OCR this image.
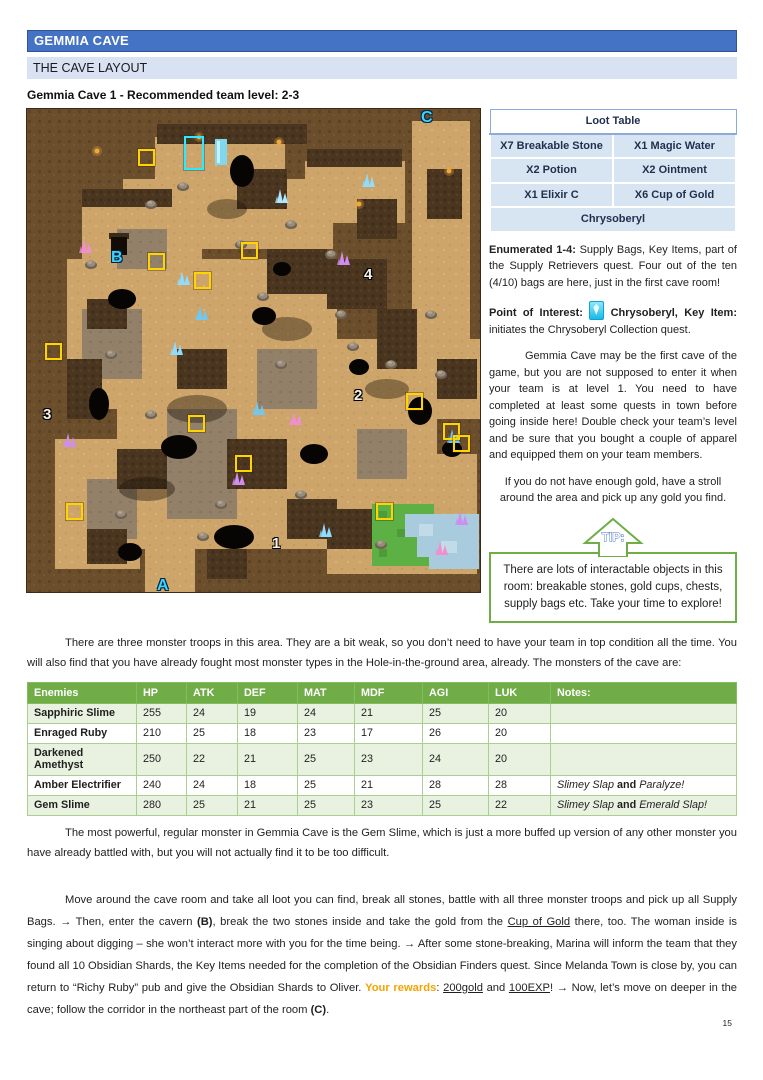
GEMMIA CAVE
THE CAVE LAYOUT
Gemmia Cave 1 - Recommended team level: 2-3
C
B
A
1
2
3
4
Loot Table	
X7 Breakable Stone	X1 Magic Water
X2 Potion	X2 Ointment
X1 Elixir C	X6 Cup of Gold
Chrysoberyl	

Enumerated 1-4: Supply Bags, Key Items, part of the Supply Retrievers quest. Four out of the ten (4/10) bags are here, just in the first cave room!

Point of Interest:  Chrysoberyl, Key Item: initiates the Chrysoberyl Collection quest.

Gemmia Cave may be the first cave of the game, but you are not supposed to enter it when your team is at level 1. You need to have completed at least some quests in town before going inside here! Double check your team’s level and be sure that you bought a couple of apparel and equipped them on your team members.

If you do not have enough gold, have a stroll around the area and pick up any gold you find.

TIP:
There are lots of interactable objects in this room: breakable stones, gold cups, chests, supply bags etc. Take your time to explore!

There are three monster troops in this area. They are a bit weak, so you don’t need to have your team in top condition all the time. You will also find that you have already fought most monster types in the Hole-in-the-ground area, already. The monsters of the cave are:

Enemies	HP	ATK	DEF	MAT	MDF	AGI	LUK	Notes:
Sapphiric Slime	255	24	19	24	21	25	20	
Enraged Ruby	210	25	18	23	17	26	20	
Darkened Amethyst	250	22	21	25	23	24	20	
Amber Electrifier	240	24	18	25	21	28	28	Slimey Slap and Paralyze!
Gem Slime	280	25	21	25	23	25	22	Slimey Slap and Emerald Slap!

The most powerful, regular monster in Gemmia Cave is the Gem Slime, which is just a more buffed up version of any other monster you have already battled with, but you will not actually find it to be too difficult.

Move around the cave room and take all loot you can find, break all stones, battle with all three monster troops and pick up all Supply Bags. → Then, enter the cavern (B), break the two stones inside and take the gold from the Cup of Gold there, too. The woman inside is singing about digging – she won’t interact more with you for the time being. → After some stone-breaking, Marina will inform the team that they found all 10 Obsidian Shards, the Key Items needed for the completion of the Obsidian Finders quest. Since Melanda Town is close by, you can return to “Richy Ruby” pub and give the Obsidian Shards to Oliver. Your rewards: 200gold and 100EXP! → Now, let’s move on deeper in the cave; follow the corridor in the northeast part of the room (C).

15
